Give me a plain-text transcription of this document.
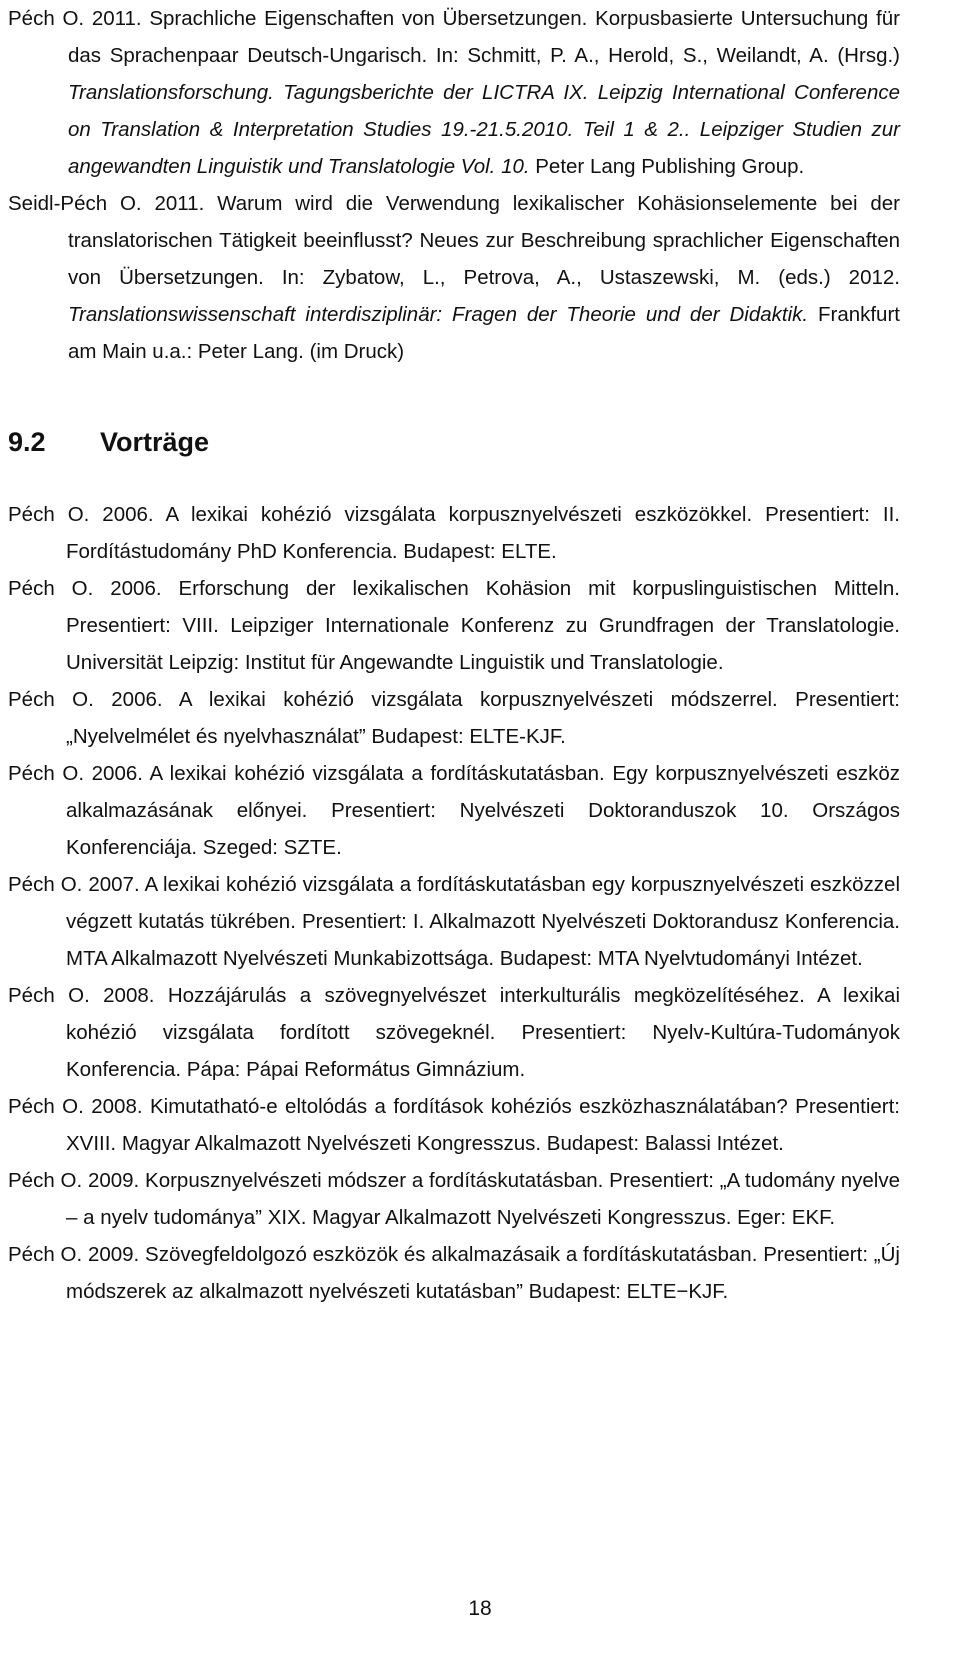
Péch O. 2011. Sprachliche Eigenschaften von Übersetzungen. Korpusbasierte Untersuchung für das Sprachenpaar Deutsch-Ungarisch. In: Schmitt, P. A., Herold, S., Weilandt, A. (Hrsg.) Translationsforschung. Tagungsberichte der LICTRA IX. Leipzig International Conference on Translation & Interpretation Studies 19.-21.5.2010. Teil 1 & 2.. Leipziger Studien zur angewandten Linguistik und Translatologie Vol. 10. Peter Lang Publishing Group.

Seidl-Péch O. 2011. Warum wird die Verwendung lexikalischer Kohäsionselemente bei der translatorischen Tätigkeit beeinflusst? Neues zur Beschreibung sprachlicher Eigenschaften von Übersetzungen. In: Zybatow, L., Petrova, A., Ustaszewski, M. (eds.) 2012. Translationswissenschaft interdisziplinär: Fragen der Theorie und der Didaktik. Frankfurt am Main u.a.: Peter Lang. (im Druck)

9.2 Vorträge

Péch O. 2006. A lexikai kohézió vizsgálata korpusznyelvészeti eszközökkel. Presentiert: II. Fordítástudomány PhD Konferencia. Budapest: ELTE.

Péch O. 2006. Erforschung der lexikalischen Kohäsion mit korpuslinguistischen Mitteln. Presentiert: VIII. Leipziger Internationale Konferenz zu Grundfragen der Translatologie. Universität Leipzig: Institut für Angewandte Linguistik und Translatologie.

Péch O. 2006. A lexikai kohézió vizsgálata korpusznyelvészeti módszerrel. Presentiert: „Nyelvelmélet és nyelvhasználat” Budapest: ELTE-KJF.

Péch O. 2006. A lexikai kohézió vizsgálata a fordításkutatásban. Egy korpusznyelvészeti eszköz alkalmazásának előnyei. Presentiert: Nyelvészeti Doktoranduszok 10. Országos Konferenciája. Szeged: SZTE.

Péch O. 2007. A lexikai kohézió vizsgálata a fordításkutatásban egy korpusznyelvészeti eszközzel végzett kutatás tükrében. Presentiert: I. Alkalmazott Nyelvészeti Doktorandusz Konferencia. MTA Alkalmazott Nyelvészeti Munkabizottsága. Budapest: MTA Nyelvtudományi Intézet.

Péch O. 2008. Hozzájárulás a szövegnyelvészet interkulturális megközelítéséhez. A lexikai kohézió vizsgálata fordított szövegeknél. Presentiert: Nyelv-Kultúra-Tudományok Konferencia. Pápa: Pápai Református Gimnázium.

Péch O. 2008. Kimutatható-e eltolódás a fordítások kohéziós eszközhasználatában? Presentiert: XVIII. Magyar Alkalmazott Nyelvészeti Kongresszus. Budapest: Balassi Intézet.

Péch O. 2009. Korpusznyelvészeti módszer a fordításkutatásban. Presentiert: „A tudomány nyelve – a nyelv tudománya” XIX. Magyar Alkalmazott Nyelvészeti Kongresszus. Eger: EKF.

Péch O. 2009. Szövegfeldolgozó eszközök és alkalmazásaik a fordításkutatásban. Presentiert: „Új módszerek az alkalmazott nyelvészeti kutatásban” Budapest: ELTE−KJF.

18
